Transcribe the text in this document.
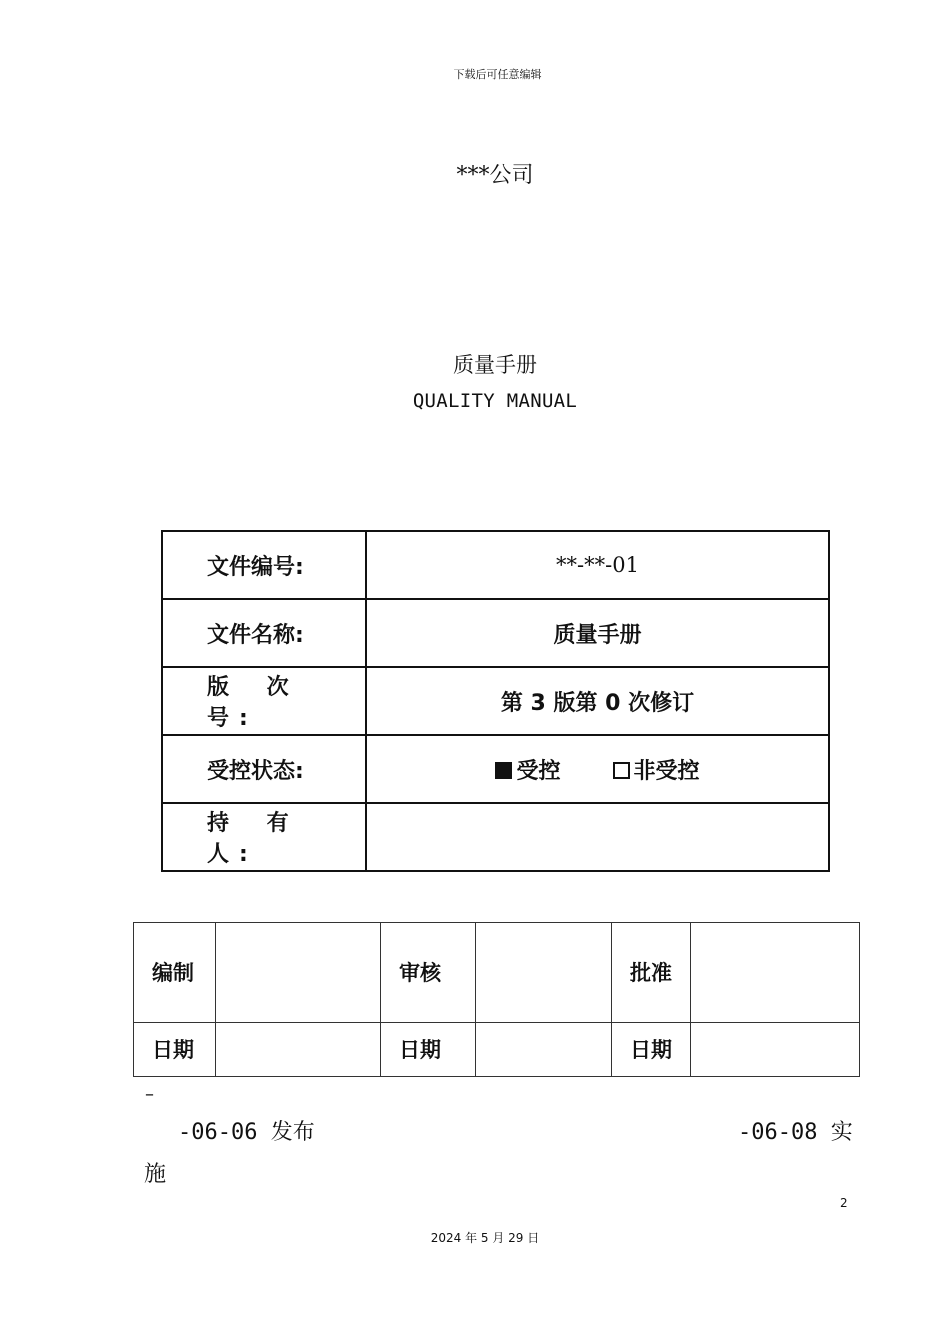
下载后可任意编辑
***公司
质量手册
QUALITY MANUAL
文件编号:	**-**-01
文件名称:	质量手册
版 次 号:	第 3 版第 0 次修订
受控状态:	受控 非受控
持 有 人:	
编制		审核		批准	
日期		日期		日期	
–
-06-06 发布	-06-08 实
施
2
2024 年 5 月 29 日
